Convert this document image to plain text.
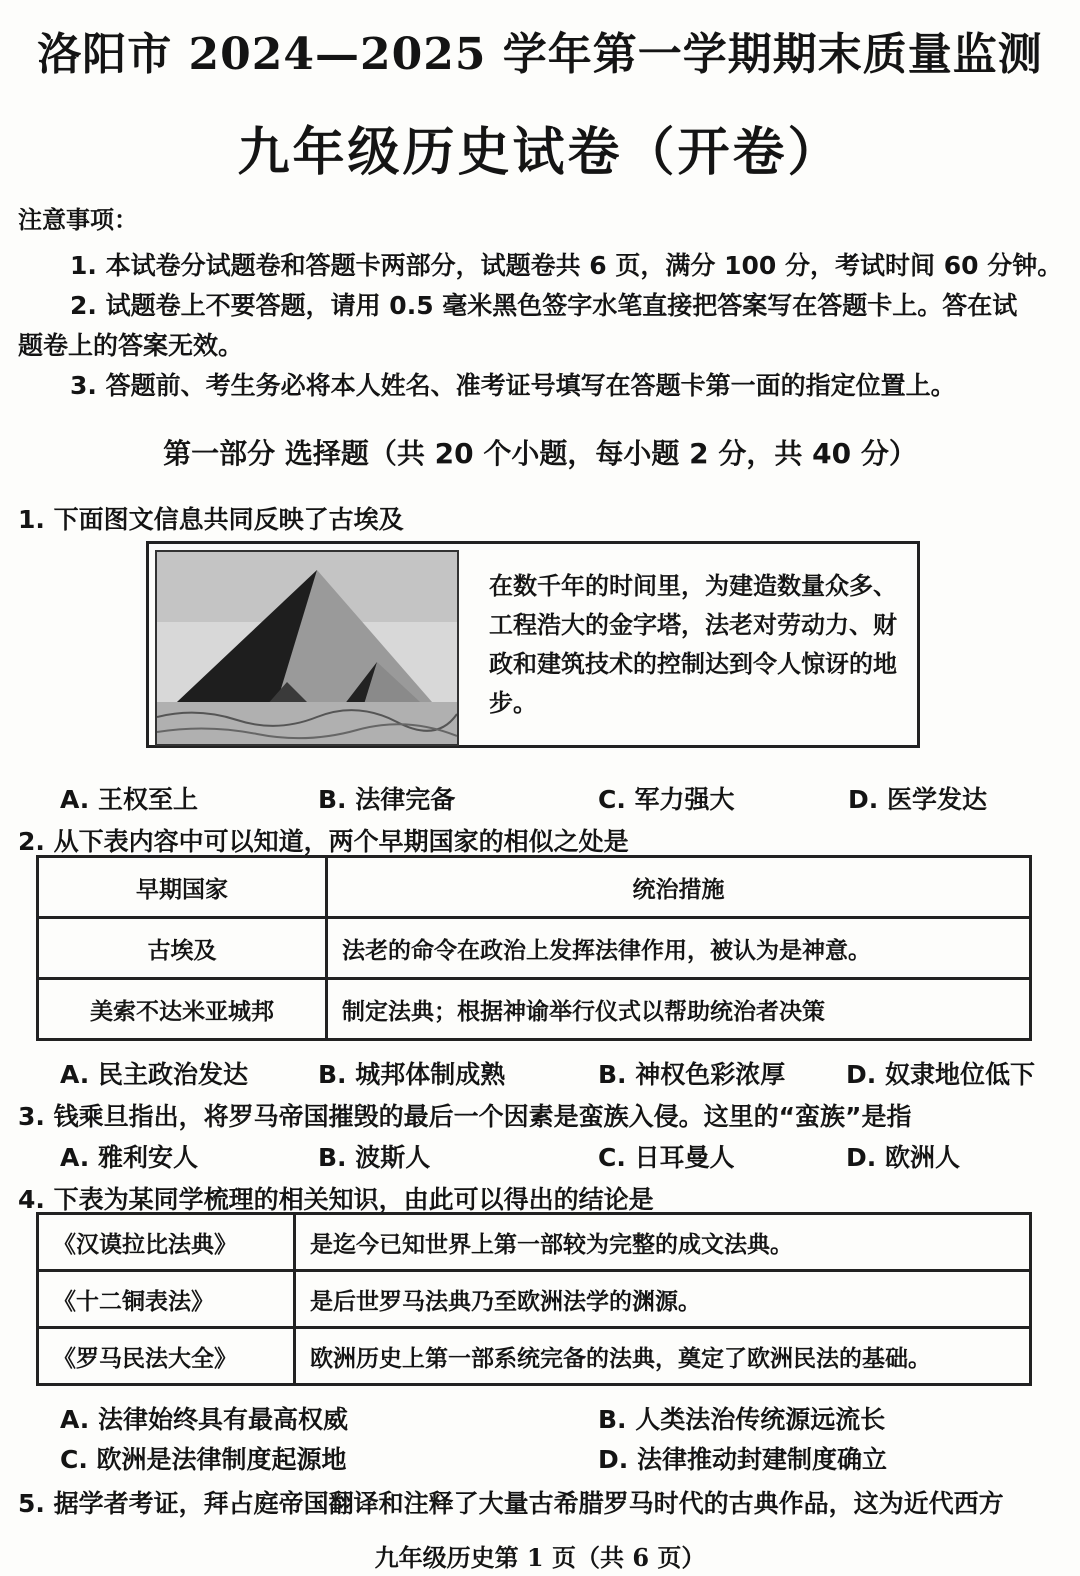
洛阳市 2024—2025 学年第一学期期末质量监测
九年级历史试卷（开卷）
注意事项：
1. 本试卷分试题卷和答题卡两部分，试题卷共 6 页，满分 100 分，考试时间 60 分钟。
2. 试题卷上不要答题，请用 0.5 毫米黑色签字水笔直接把答案写在答题卡上。答在试
题卷上的答案无效。
3. 答题前、考生务必将本人姓名、准考证号填写在答题卡第一面的指定位置上。
第一部分 选择题（共 20 个小题，每小题 2 分，共 40 分）
1. 下面图文信息共同反映了古埃及
在数千年的时间里，为建造数量众多、工程浩大的金字塔，法老对劳动力、财政和建筑技术的控制达到令人惊讶的地步。
A. 王权至上	B. 法律完备	C. 军力强大	D. 医学发达
2. 从下表内容中可以知道，两个早期国家的相似之处是
早期国家	统治措施
古埃及	法老的命令在政治上发挥法律作用，被认为是神意。
美索不达米亚城邦	制定法典；根据神谕举行仪式以帮助统治者决策
A. 民主政治发达	B. 城邦体制成熟	B. 神权色彩浓厚 D. 奴隶地位低下
3. 钱乘旦指出，将罗马帝国摧毁的最后一个因素是蛮族入侵。这里的“蛮族”是指
A. 雅利安人	B. 波斯人	C. 日耳曼人	D. 欧洲人
4. 下表为某同学梳理的相关知识，由此可以得出的结论是
《汉谟拉比法典》	是迄今已知世界上第一部较为完整的成文法典。
《十二铜表法》	是后世罗马法典乃至欧洲法学的渊源。
《罗马民法大全》	欧洲历史上第一部系统完备的法典，奠定了欧洲民法的基础。
A. 法律始终具有最高权威	B. 人类法治传统源远流长
C. 欧洲是法律制度起源地	D. 法律推动封建制度确立
5. 据学者考证，拜占庭帝国翻译和注释了大量古希腊罗马时代的古典作品，这为近代西方
九年级历史第 1 页（共 6 页）
